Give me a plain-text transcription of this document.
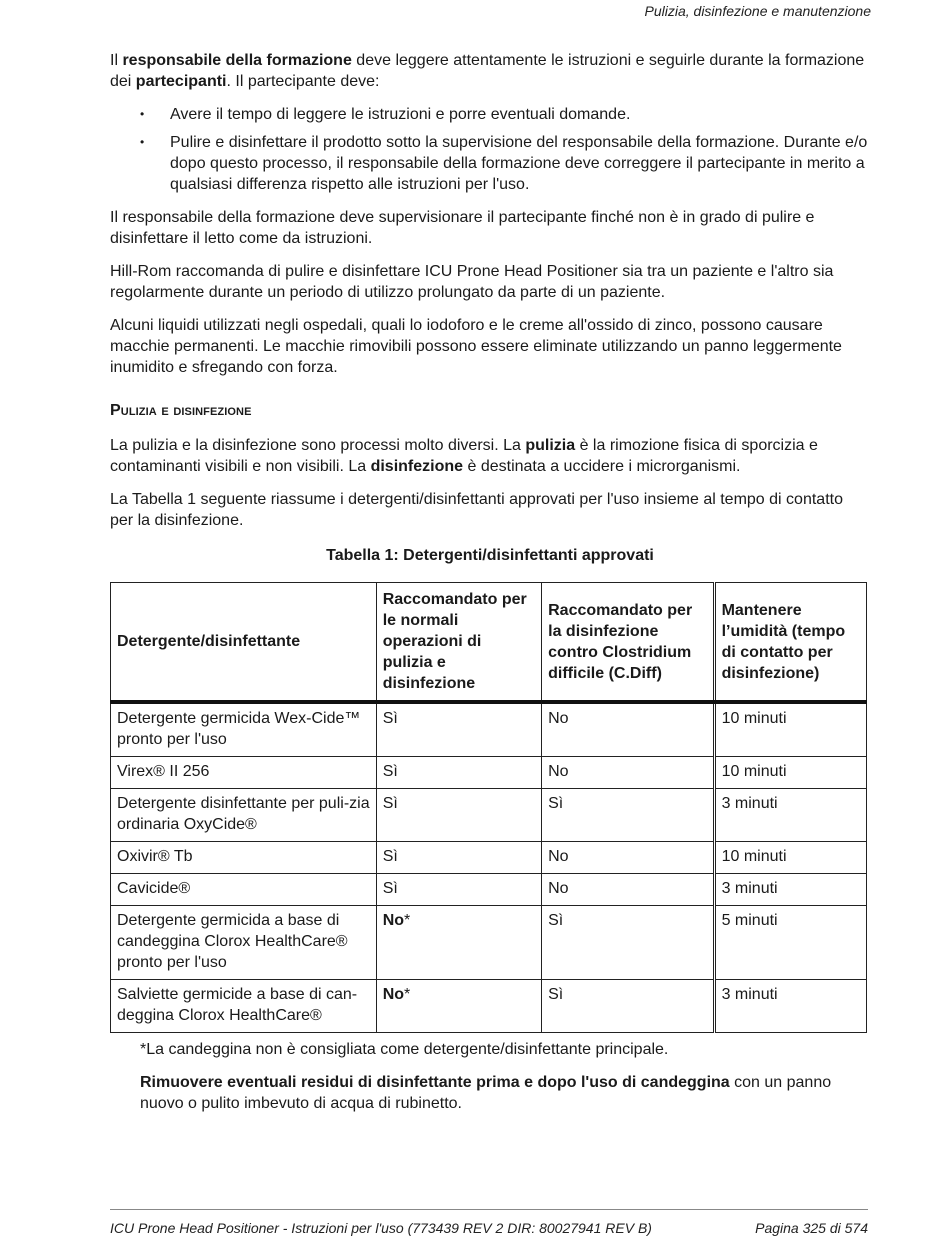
Pulizia, disinfezione e manutenzione

Il responsabile della formazione deve leggere attentamente le istruzioni e seguirle durante la formazione dei partecipanti. Il partecipante deve:

• Avere il tempo di leggere le istruzioni e porre eventuali domande.
• Pulire e disinfettare il prodotto sotto la supervisione del responsabile della formazione. Durante e/o dopo questo processo, il responsabile della formazione deve correggere il partecipante in merito a qualsiasi differenza rispetto alle istruzioni per l'uso.

Il responsabile della formazione deve supervisionare il partecipante finché non è in grado di pulire e disinfettare il letto come da istruzioni.

Hill-Rom raccomanda di pulire e disinfettare ICU Prone Head Positioner sia tra un paziente e l'altro sia regolarmente durante un periodo di utilizzo prolungato da parte di un paziente.

Alcuni liquidi utilizzati negli ospedali, quali lo iodoforo e le creme all'ossido di zinco, possono causare macchie permanenti. Le macchie rimovibili possono essere eliminate utilizzando un panno leggermente inumidito e sfregando con forza.

Pulizia e disinfezione

La pulizia e la disinfezione sono processi molto diversi. La pulizia è la rimozione fisica di sporcizia e contaminanti visibili e non visibili. La disinfezione è destinata a uccidere i microrganismi.

La Tabella 1 seguente riassume i detergenti/disinfettanti approvati per l'uso insieme al tempo di contatto per la disinfezione.

Tabella 1: Detergenti/disinfettanti approvati
Detergente/disinfettante	Raccomandato per le normali operazioni di pulizia e disinfezione	Raccomandato per la disinfezione contro Clostridium difficile (C.Diff)	Mantenere l’umidità (tempo di contatto per disinfezione)
Detergente germicida Wex-Cide™ pronto per l'uso	Sì	No	10 minuti
Virex® II 256	Sì	No	10 minuti
Detergente disinfettante per puli-zia ordinaria OxyCide®	Sì	Sì	3 minuti
Oxivir® Tb	Sì	No	10 minuti
Cavicide®	Sì	No	3 minuti
Detergente germicida a base di candeggina Clorox HealthCare® pronto per l'uso	No*	Sì	5 minuti
Salviette germicide a base di can-deggina Clorox HealthCare®	No*	Sì	3 minuti

*La candeggina non è consigliata come detergente/disinfettante principale.

Rimuovere eventuali residui di disinfettante prima e dopo l'uso di candeggina con un panno nuovo o pulito imbevuto di acqua di rubinetto.

ICU Prone Head Positioner - Istruzioni per l'uso (773439 REV 2 DIR: 80027941 REV B)	Pagina 325 di 574
